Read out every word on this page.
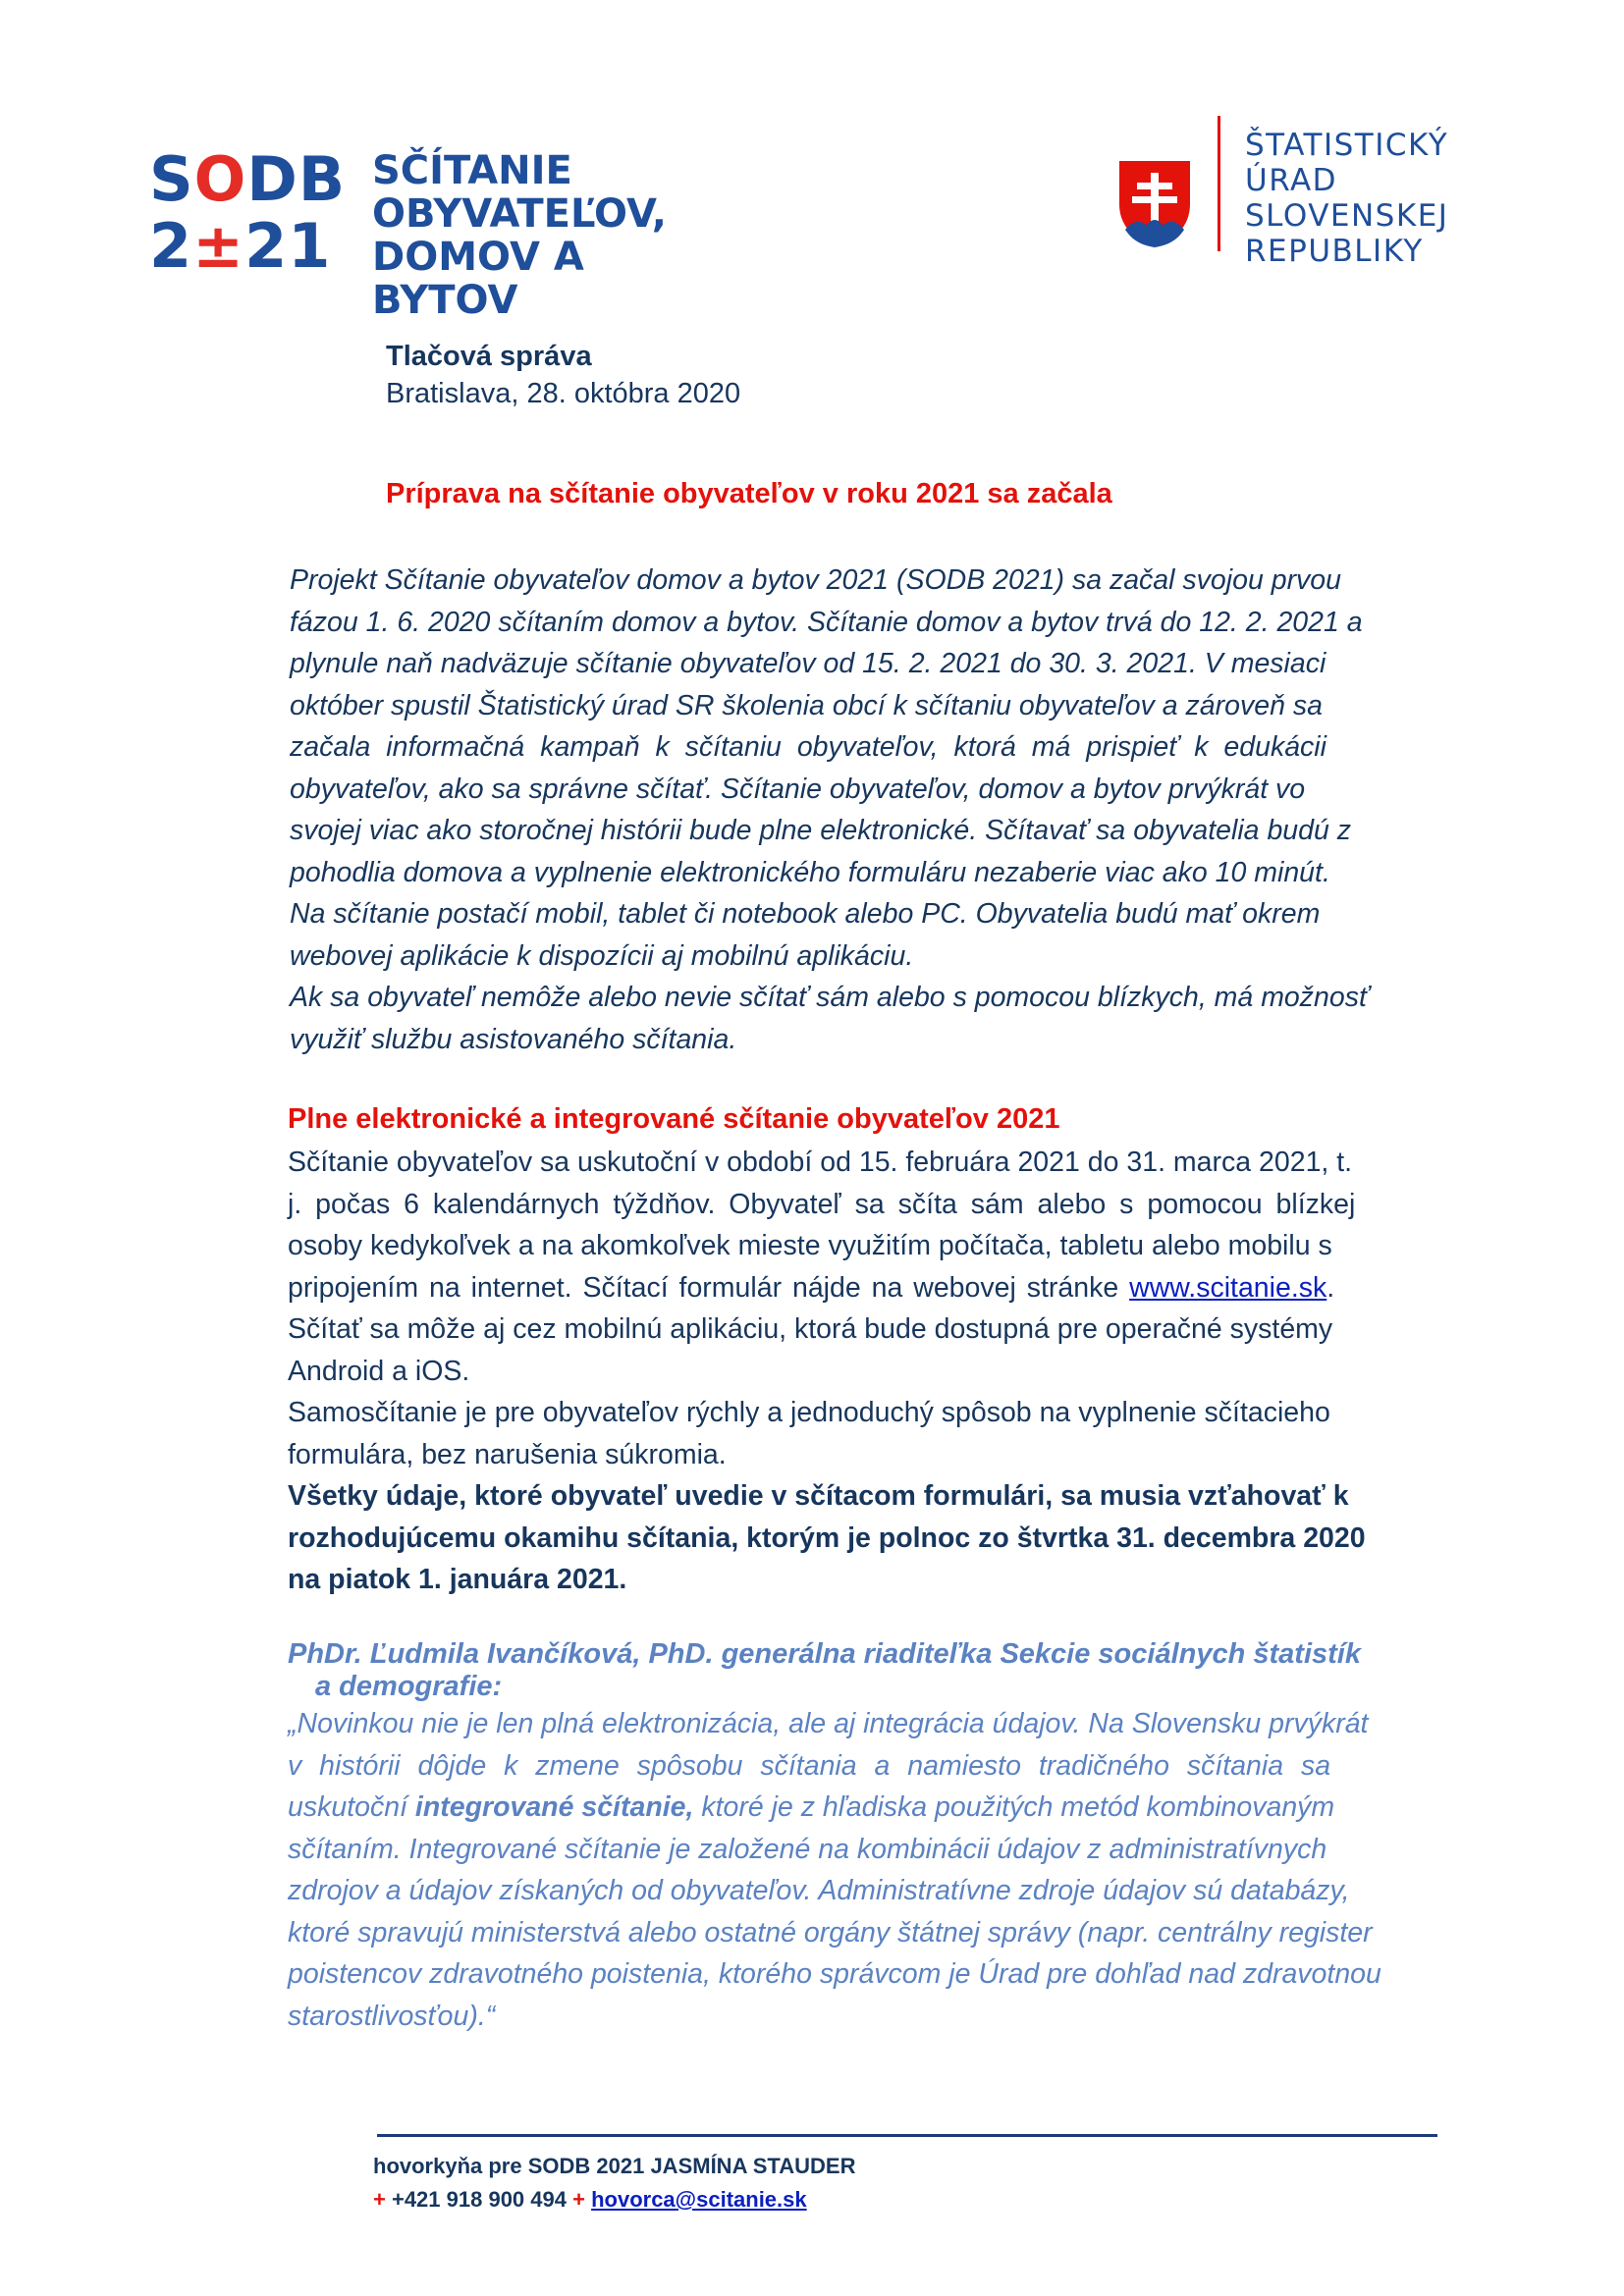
SODB
2±21
SČÍTANIE
OBYVATEĽOV,
DOMOV A BYTOV
ŠTATISTICKÝ
ÚRAD
SLOVENSKEJ
REPUBLIKY
Tlačová správa
Bratislava, 28. októbra 2020
Príprava na sčítanie obyvateľov v roku 2021 sa začala
Projekt Sčítanie obyvateľov domov a bytov 2021 (SODB 2021) sa začal svojou prvou
fázou 1. 6. 2020 sčítaním domov a bytov. Sčítanie domov a bytov trvá do 12. 2. 2021 a
plynule naň nadväzuje sčítanie obyvateľov od 15. 2. 2021 do 30. 3. 2021. V mesiaci
október spustil Štatistický úrad SR školenia obcí k sčítaniu obyvateľov a zároveň sa
začala informačná kampaň k sčítaniu obyvateľov, ktorá má prispieť k edukácii
obyvateľov, ako sa správne sčítať. Sčítanie obyvateľov, domov a bytov prvýkrát vo
svojej viac ako storočnej histórii bude plne elektronické. Sčítavať sa obyvatelia budú z
pohodlia domova a vyplnenie elektronického formuláru nezaberie viac ako 10 minút.
Na sčítanie postačí mobil, tablet či notebook alebo PC. Obyvatelia budú mať okrem
webovej aplikácie k dispozícii aj mobilnú aplikáciu.
Ak sa obyvateľ nemôže alebo nevie sčítať sám alebo s pomocou blízkych, má možnosť
využiť službu asistovaného sčítania.
Plne elektronické a integrované sčítanie obyvateľov 2021
Sčítanie obyvateľov sa uskutoční v období od 15. februára 2021 do 31. marca 2021, t.
j. počas 6 kalendárnych týždňov. Obyvateľ sa sčíta sám alebo s pomocou blízkej
osoby kedykoľvek a na akomkoľvek mieste využitím počítača, tabletu alebo mobilu s
pripojením na internet. Sčítací formulár nájde na webovej stránke www.scitanie.sk.
Sčítať sa môže aj cez mobilnú aplikáciu, ktorá bude dostupná pre operačné systémy
Android a iOS.
Samosčítanie je pre obyvateľov rýchly a jednoduchý spôsob na vyplnenie sčítacieho
formulára, bez narušenia súkromia.
Všetky údaje, ktoré obyvateľ uvedie v sčítacom formulári, sa musia vzťahovať k
rozhodujúcemu okamihu sčítania, ktorým je polnoc zo štvrtka 31. decembra 2020
na piatok 1. januára 2021.
PhDr. Ľudmila Ivančíková, PhD. generálna riaditeľka Sekcie sociálnych štatistík
a demografie:
„Novinkou nie je len plná elektronizácia, ale aj integrácia údajov. Na Slovensku prvýkrát
v histórii dôjde k zmene spôsobu sčítania a namiesto tradičného sčítania sa
uskutoční integrované sčítanie, ktoré je z hľadiska použitých metód kombinovaným
sčítaním. Integrované sčítanie je založené na kombinácii údajov z administratívnych
zdrojov a údajov získaných od obyvateľov. Administratívne zdroje údajov sú databázy,
ktoré spravujú ministerstvá alebo ostatné orgány štátnej správy (napr. centrálny register
poistencov zdravotného poistenia, ktorého správcom je Úrad pre dohľad nad zdravotnou
starostlivosťou).“
hovorkyňa pre SODB 2021 JASMÍNA STAUDER
+ +421 918 900 494 + hovorca@scitanie.sk
